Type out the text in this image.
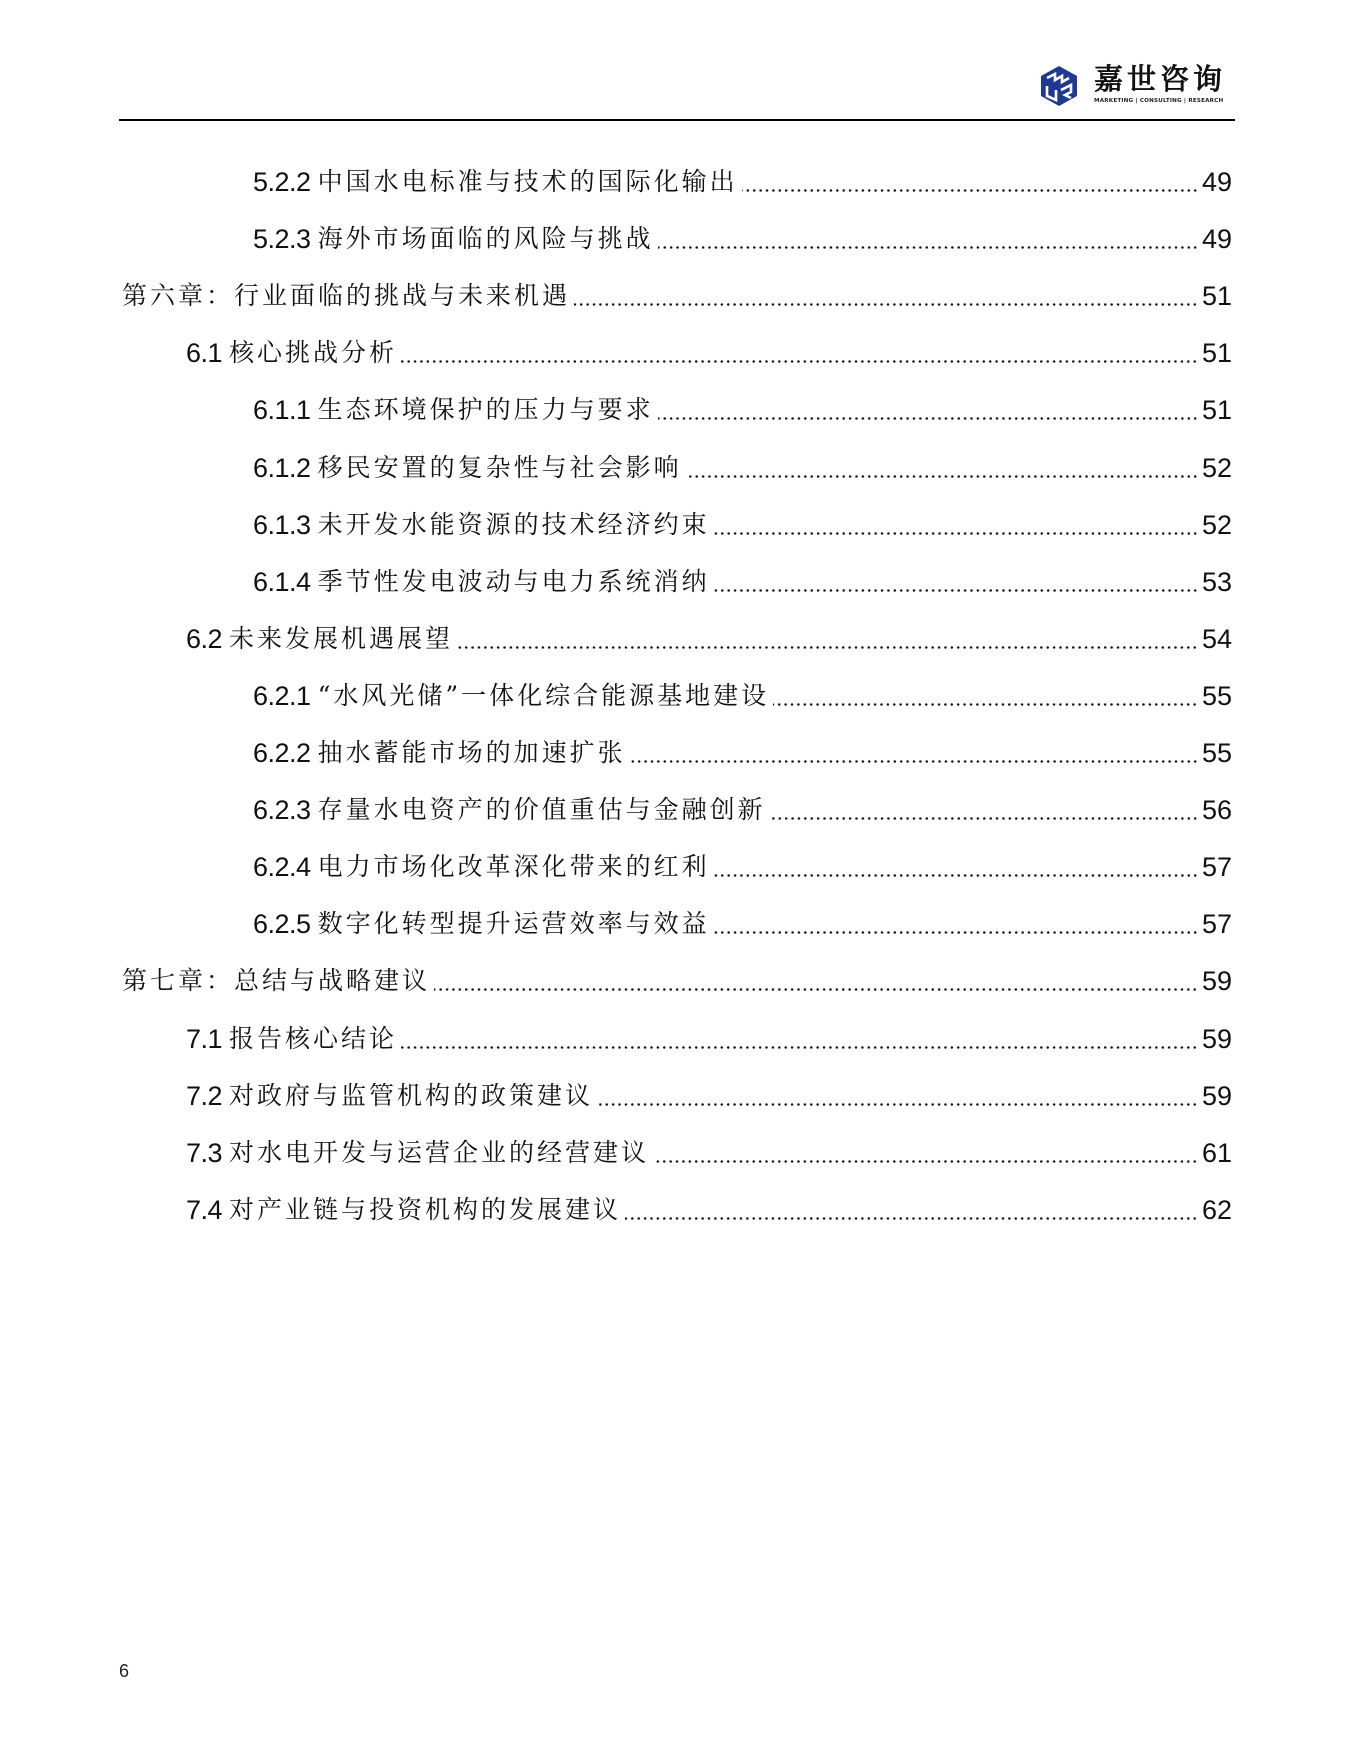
嘉世咨询
MARKETING | CONSULTING | RESEARCH
5.2.2 中国水电标准与技术的国际化输出	49
5.2.3 海外市场面临的风险与挑战	49
第六章：行业面临的挑战与未来机遇	51
6.1 核心挑战分析	51
6.1.1 生态环境保护的压力与要求	51
6.1.2 移民安置的复杂性与社会影响	52
6.1.3 未开发水能资源的技术经济约束	52
6.1.4 季节性发电波动与电力系统消纳	53
6.2 未来发展机遇展望	54
6.2.1 “水风光储”一体化综合能源基地建设	55
6.2.2 抽水蓄能市场的加速扩张	55
6.2.3 存量水电资产的价值重估与金融创新	56
6.2.4 电力市场化改革深化带来的红利	57
6.2.5 数字化转型提升运营效率与效益	57
第七章：总结与战略建议	59
7.1 报告核心结论	59
7.2 对政府与监管机构的政策建议	59
7.3 对水电开发与运营企业的经营建议	61
7.4 对产业链与投资机构的发展建议	62
6
